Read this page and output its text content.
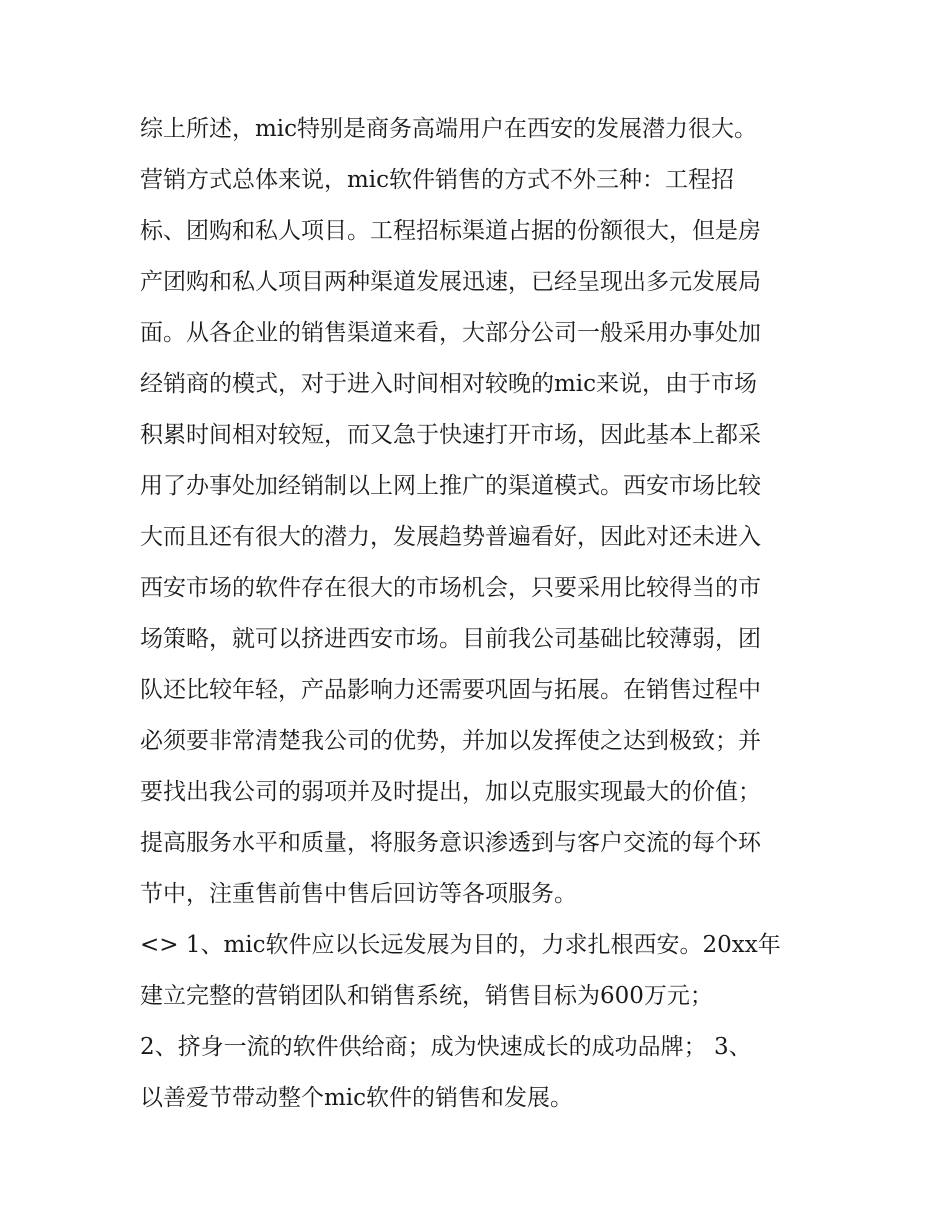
综上所述，mic特别是商务高端用户在西安的发展潜力很大。
营销方式总体来说，mic软件销售的方式不外三种：工程招
标、团购和私人项目。工程招标渠道占据的份额很大，但是房
产团购和私人项目两种渠道发展迅速，已经呈现出多元发展局
面。从各企业的销售渠道来看，大部分公司一般采用办事处加
经销商的模式，对于进入时间相对较晚的mic来说，由于市场
积累时间相对较短，而又急于快速打开市场，因此基本上都采
用了办事处加经销制以上网上推广的渠道模式。西安市场比较
大而且还有很大的潜力，发展趋势普遍看好，因此对还未进入
西安市场的软件存在很大的市场机会，只要采用比较得当的市
场策略，就可以挤进西安市场。目前我公司基础比较薄弱，团
队还比较年轻，产品影响力还需要巩固与拓展。在销售过程中
必须要非常清楚我公司的优势，并加以发挥使之达到极致；并
要找出我公司的弱项并及时提出，加以克服实现最大的价值；
提高服务水平和质量，将服务意识渗透到与客户交流的每个环
节中，注重售前售中售后回访等各项服务。
<> 1、mic软件应以长远发展为目的，力求扎根西安。20xx年
建立完整的营销团队和销售系统，销售目标为600万元；
2、挤身一流的软件供给商；成为快速成长的成功品牌； 3、
以善爱节带动整个mic软件的销售和发展。
